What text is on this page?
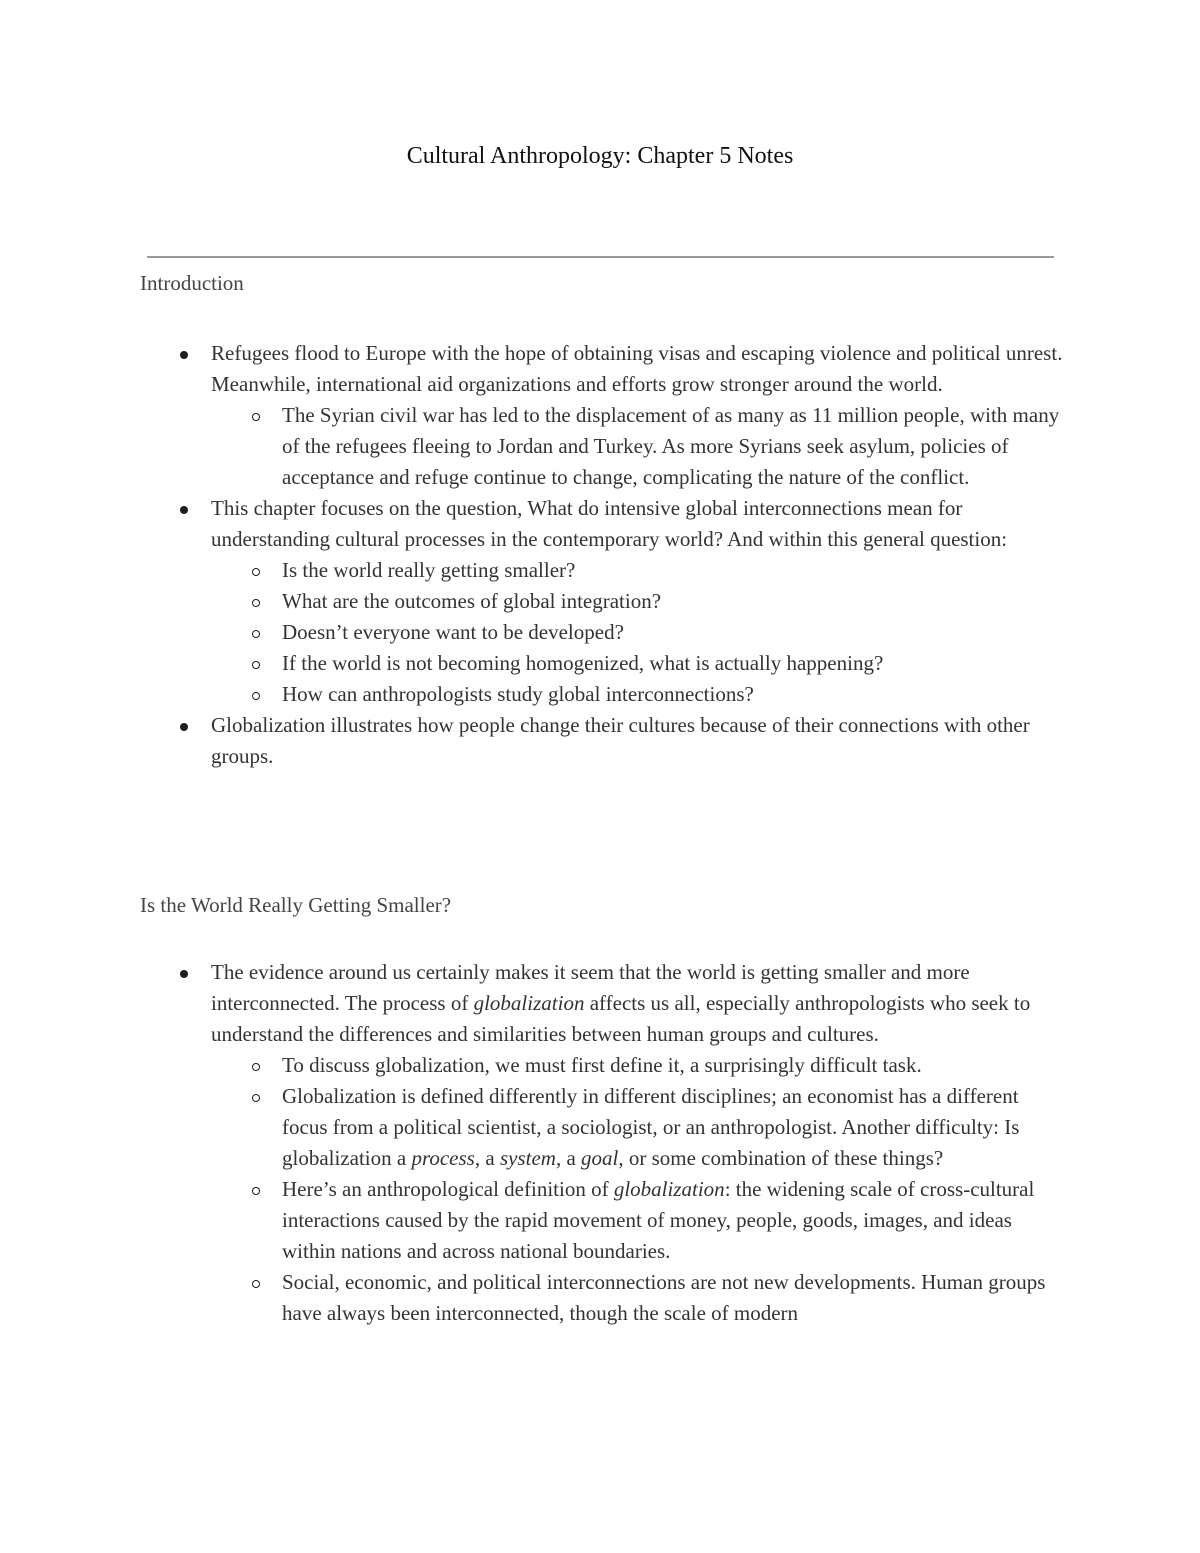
Cultural Anthropology: Chapter 5 Notes
Introduction
Refugees flood to Europe with the hope of obtaining visas and escaping violence and political unrest. Meanwhile, international aid organizations and efforts grow stronger around the world.
The Syrian civil war has led to the displacement of as many as 11 million people, with many of the refugees fleeing to Jordan and Turkey. As more Syrians seek asylum, policies of acceptance and refuge continue to change, complicating the nature of the conflict.
This chapter focuses on the question, What do intensive global interconnections mean for understanding cultural processes in the contemporary world? And within this general question:
Is the world really getting smaller?
What are the outcomes of global integration?
Doesn’t everyone want to be developed?
If the world is not becoming homogenized, what is actually happening?
How can anthropologists study global interconnections?
Globalization illustrates how people change their cultures because of their connections with other groups.
Is the World Really Getting Smaller?
The evidence around us certainly makes it seem that the world is getting smaller and more interconnected. The process of globalization affects us all, especially anthropologists who seek to understand the differences and similarities between human groups and cultures.
To discuss globalization, we must first define it, a surprisingly difficult task.
Globalization is defined differently in different disciplines; an economist has a different focus from a political scientist, a sociologist, or an anthropologist. Another difficulty: Is globalization a process, a system, a goal, or some combination of these things?
Here’s an anthropological definition of globalization: the widening scale of cross-cultural interactions caused by the rapid movement of money, people, goods, images, and ideas within nations and across national boundaries.
Social, economic, and political interconnections are not new developments. Human groups have always been interconnected, though the scale of modern
